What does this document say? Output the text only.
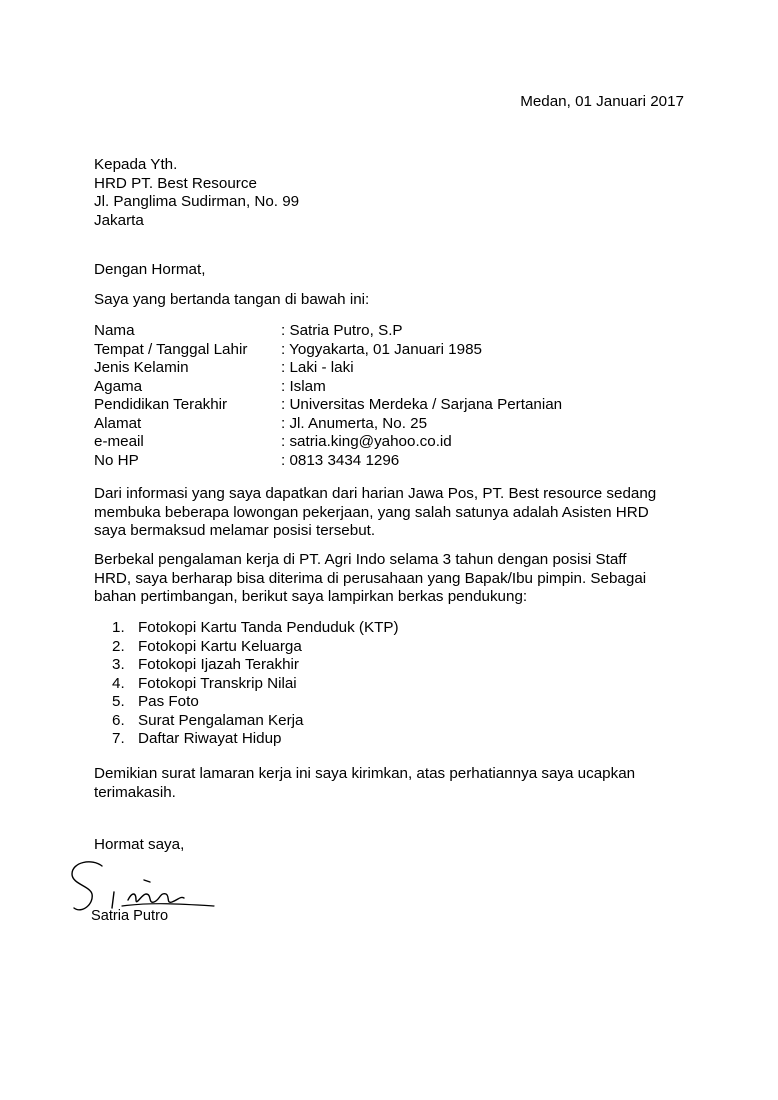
Medan, 01 Januari 2017
Kepada Yth.
HRD PT. Best Resource
Jl. Panglima Sudirman, No. 99
Jakarta
Dengan Hormat,
Saya yang bertanda tangan di bawah ini:
Nama	: Satria Putro, S.P
Tempat / Tanggal Lahir	: Yogyakarta, 01 Januari 1985
Jenis Kelamin	: Laki - laki
Agama	: Islam
Pendidikan Terakhir	: Universitas Merdeka / Sarjana Pertanian
Alamat	: Jl. Anumerta, No. 25
e-meail	: satria.king@yahoo.co.id
No HP	: 0813 3434 1296
Dari informasi yang saya dapatkan dari harian Jawa Pos, PT. Best resource sedang
membuka beberapa lowongan pekerjaan, yang salah satunya adalah Asisten HRD
saya bermaksud melamar posisi tersebut.
Berbekal pengalaman kerja di PT. Agri Indo selama 3 tahun dengan posisi Staff
HRD, saya berharap bisa diterima di perusahaan yang Bapak/Ibu pimpin. Sebagai
bahan pertimbangan, berikut saya lampirkan berkas pendukung:
1. Fotokopi Kartu Tanda Penduduk (KTP)
2. Fotokopi Kartu Keluarga
3. Fotokopi Ijazah Terakhir
4. Fotokopi Transkrip Nilai
5. Pas Foto
6. Surat Pengalaman Kerja
7. Daftar Riwayat Hidup
Demikian surat lamaran kerja ini saya kirimkan, atas perhatiannya saya ucapkan
terimakasih.
Hormat saya,
Satria Putro
